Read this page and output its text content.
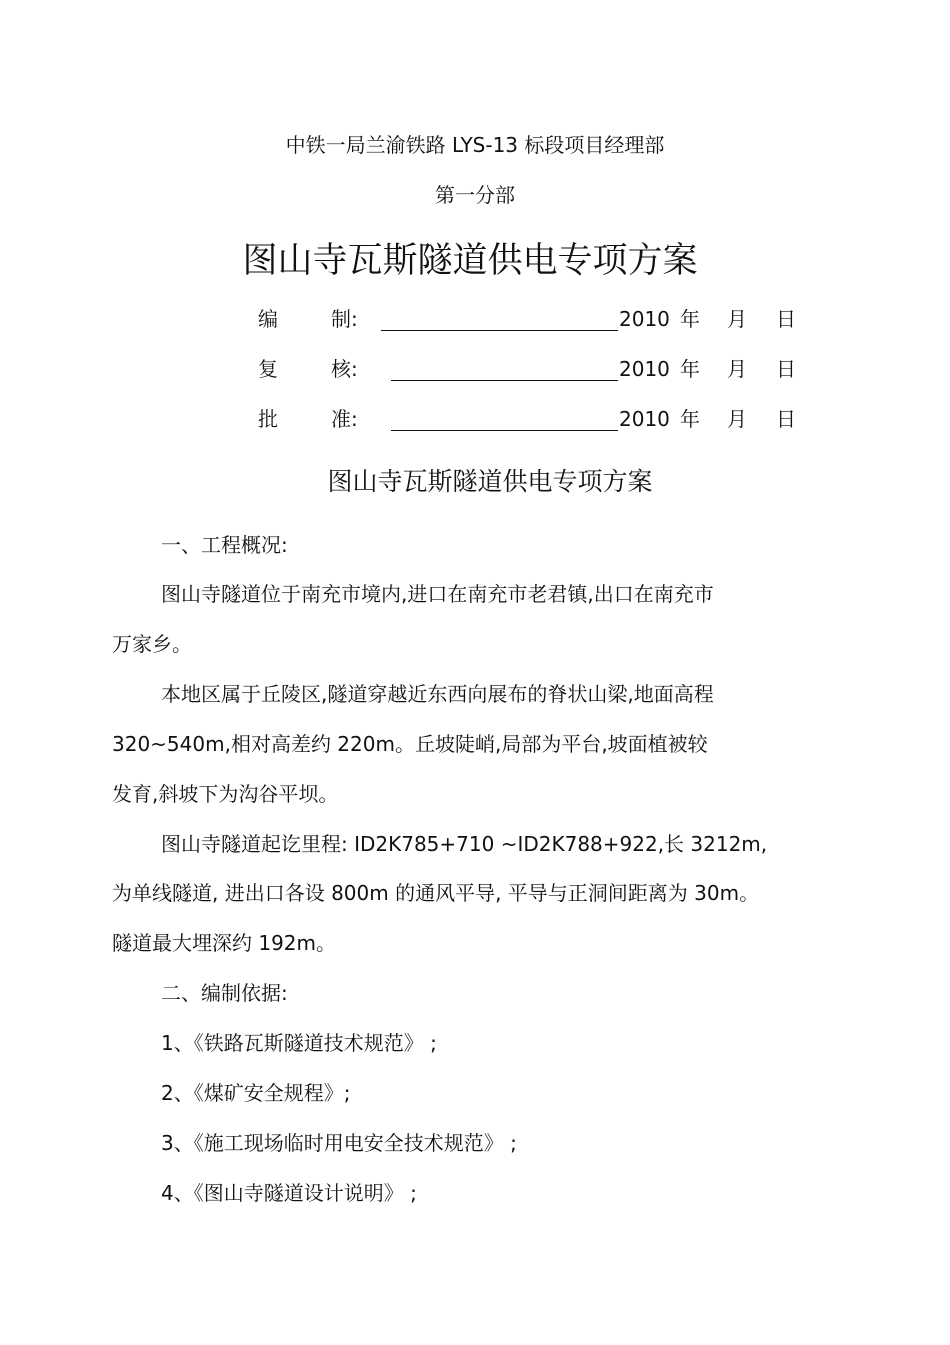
中铁一局兰渝铁路 LYS-13 标段项目经理部
第一分部
图山寺瓦斯隧道供电专项方案
编	制:	2010 年 月 日
复	核:	2010 年 月 日
批	准:	2010 年 月 日
图山寺瓦斯隧道供电专项方案
一、工程概况:
图山寺隧道位于南充市境内,进口在南充市老君镇,出口在南充市
万家乡。
本地区属于丘陵区,隧道穿越近东西向展布的脊状山梁,地面高程
320~540m,相对高差约 220m。丘坡陡峭,局部为平台,坡面植被较
发育,斜坡下为沟谷平坝。
图山寺隧道起讫里程: ID2K785+710 ~ID2K788+922,长 3212m,
为单线隧道, 进出口各设 800m 的通风平导, 平导与正洞间距离为 30m。
隧道最大埋深约 192m。
二、编制依据:
1、《铁路瓦斯隧道技术规范》 ;
2、《煤矿安全规程》;
3、《施工现场临时用电安全技术规范》 ;
4、《图山寺隧道设计说明》 ;
